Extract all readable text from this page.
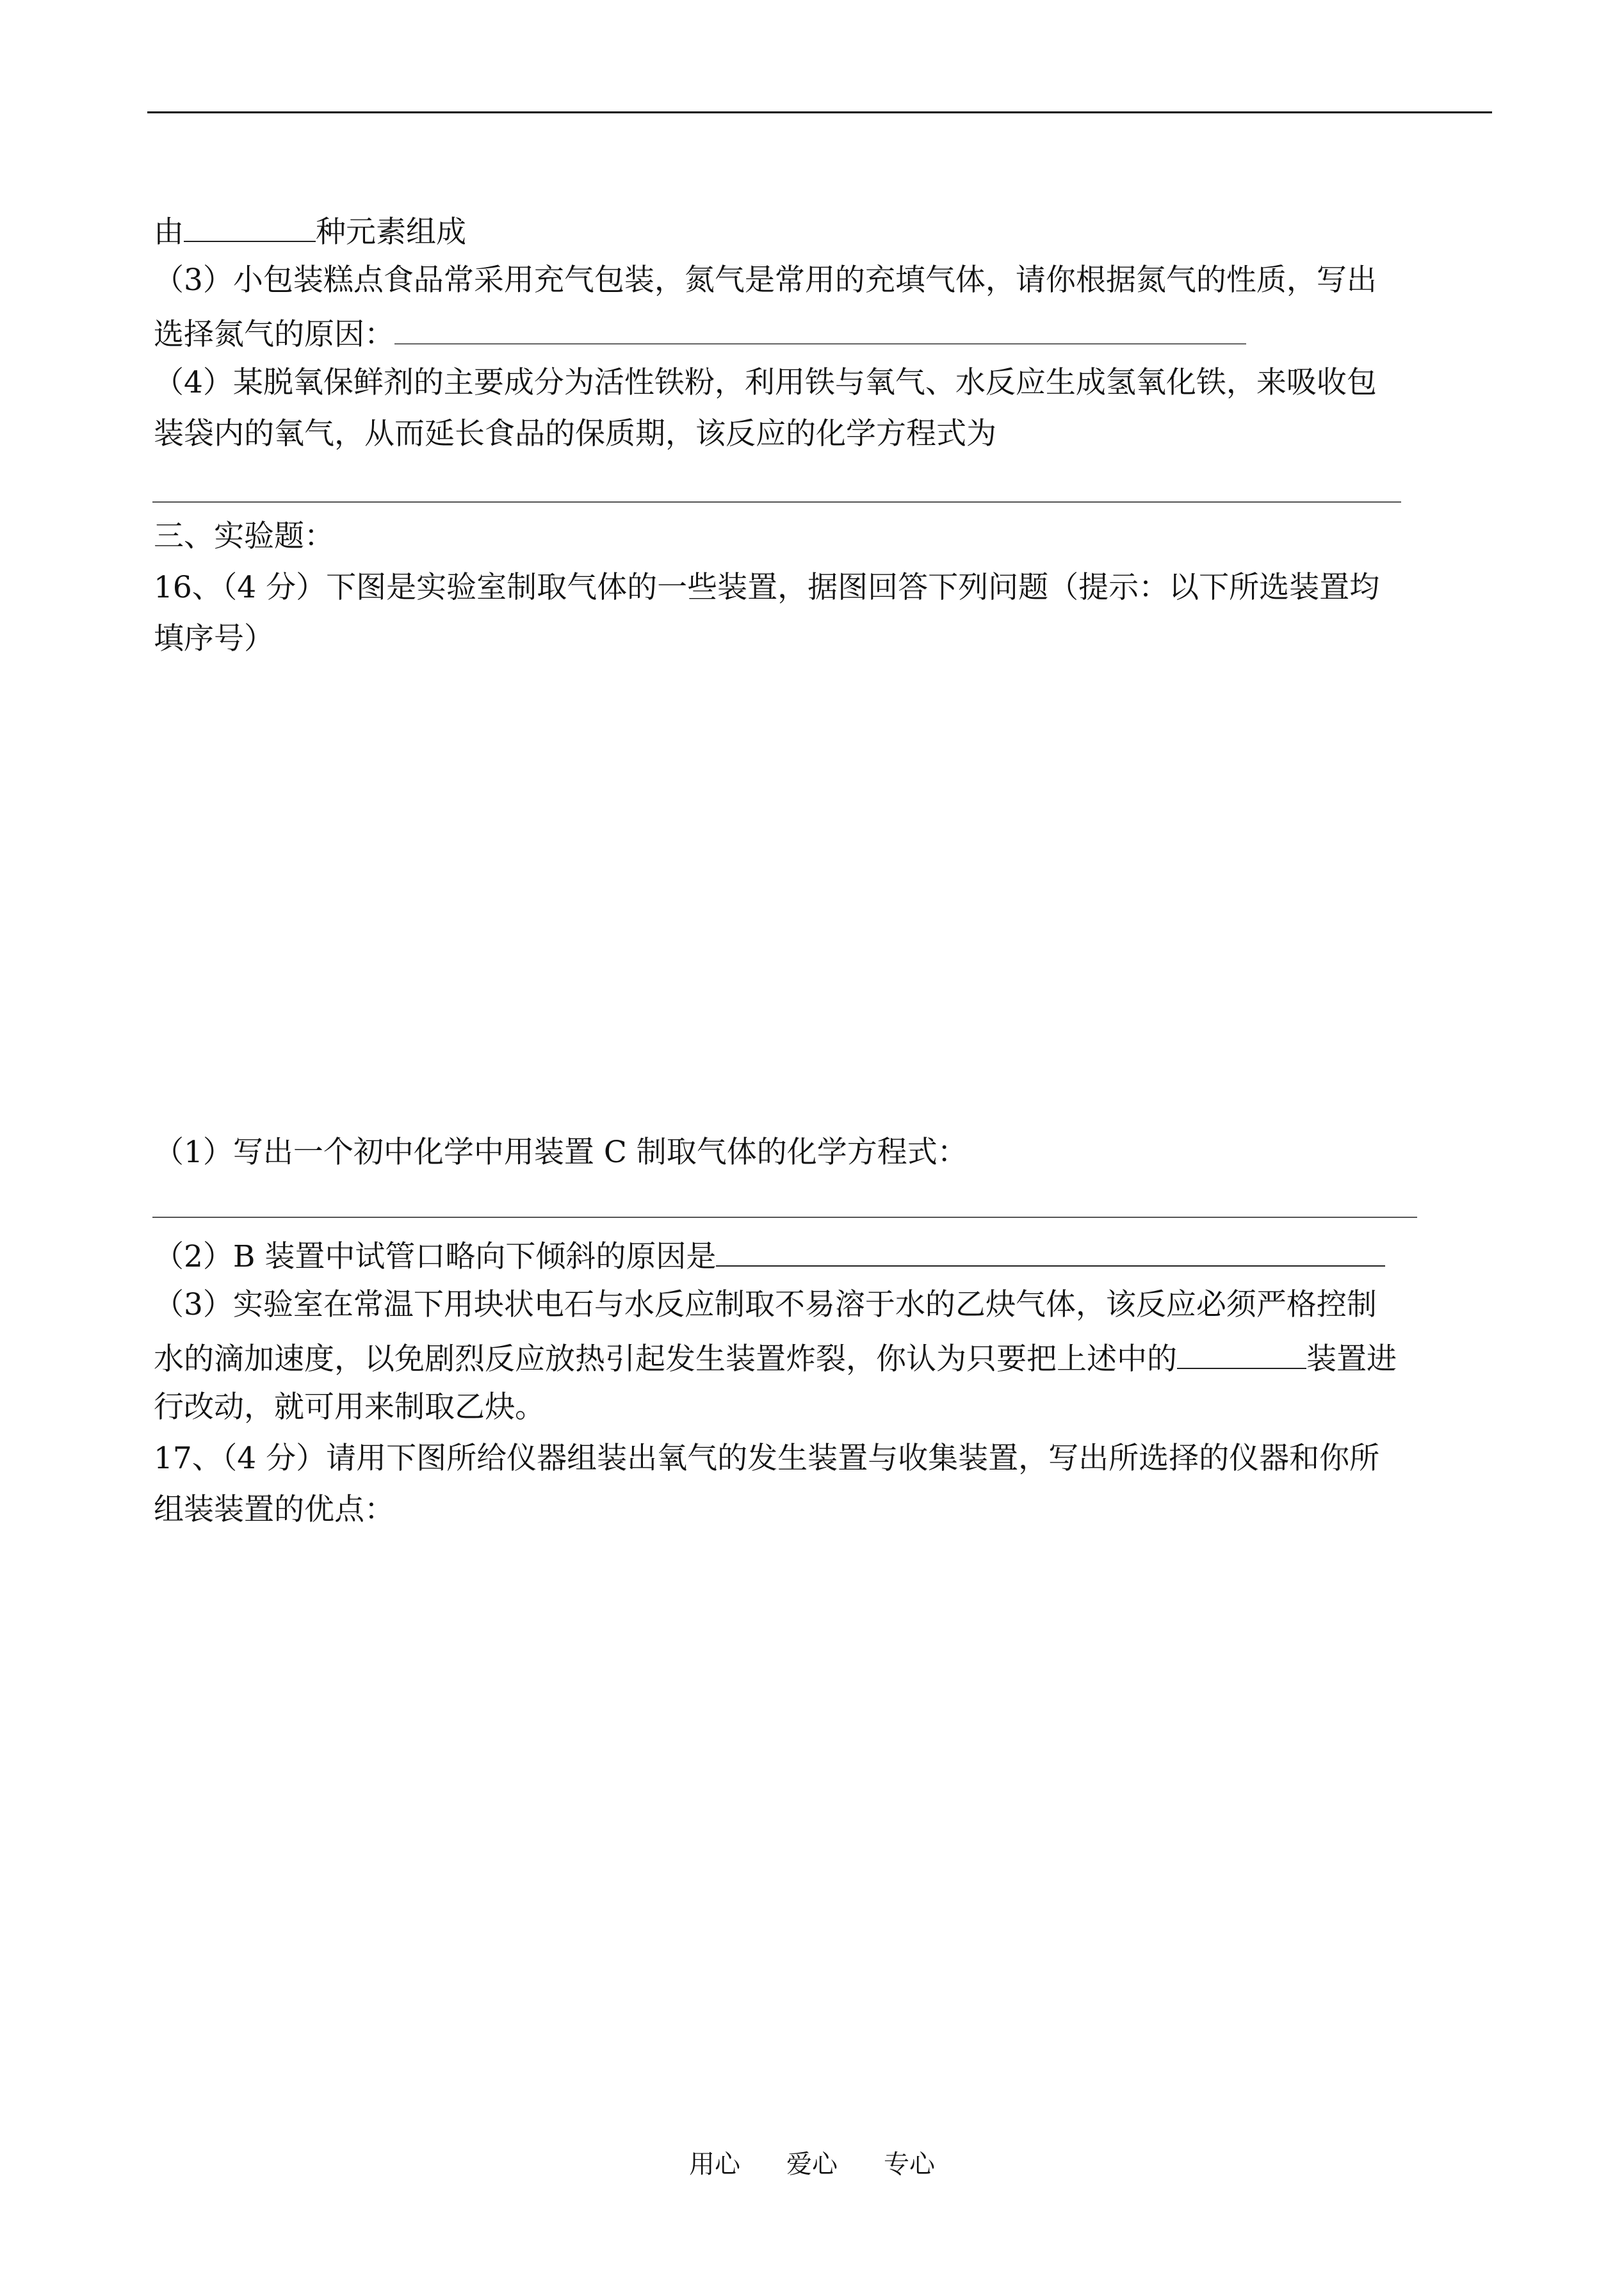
由	种元素组成
（3）小包装糕点食品常采用充气包装，氮气是常用的充填气体，请你根据氮气的性质，写出
选择氮气的原因：
（4）某脱氧保鲜剂的主要成分为活性铁粉，利用铁与氧气、水反应生成氢氧化铁，来吸收包
装袋内的氧气，从而延长食品的保质期，该反应的化学方程式为
三、实验题：
16、（4 分）下图是实验室制取气体的一些装置，据图回答下列问题（提示：以下所选装置均
填序号）
（1）写出一个初中化学中用装置 C 制取气体的化学方程式：
（2）B 装置中试管口略向下倾斜的原因是
（3）实验室在常温下用块状电石与水反应制取不易溶于水的乙炔气体，该反应必须严格控制
水的滴加速度，以免剧烈反应放热引起发生装置炸裂，你认为只要把上述中的	装置进
行改动，就可用来制取乙炔。
17、（4 分）请用下图所给仪器组装出氧气的发生装置与收集装置，写出所选择的仪器和你所
组装装置的优点：
用心 爱心 专心
